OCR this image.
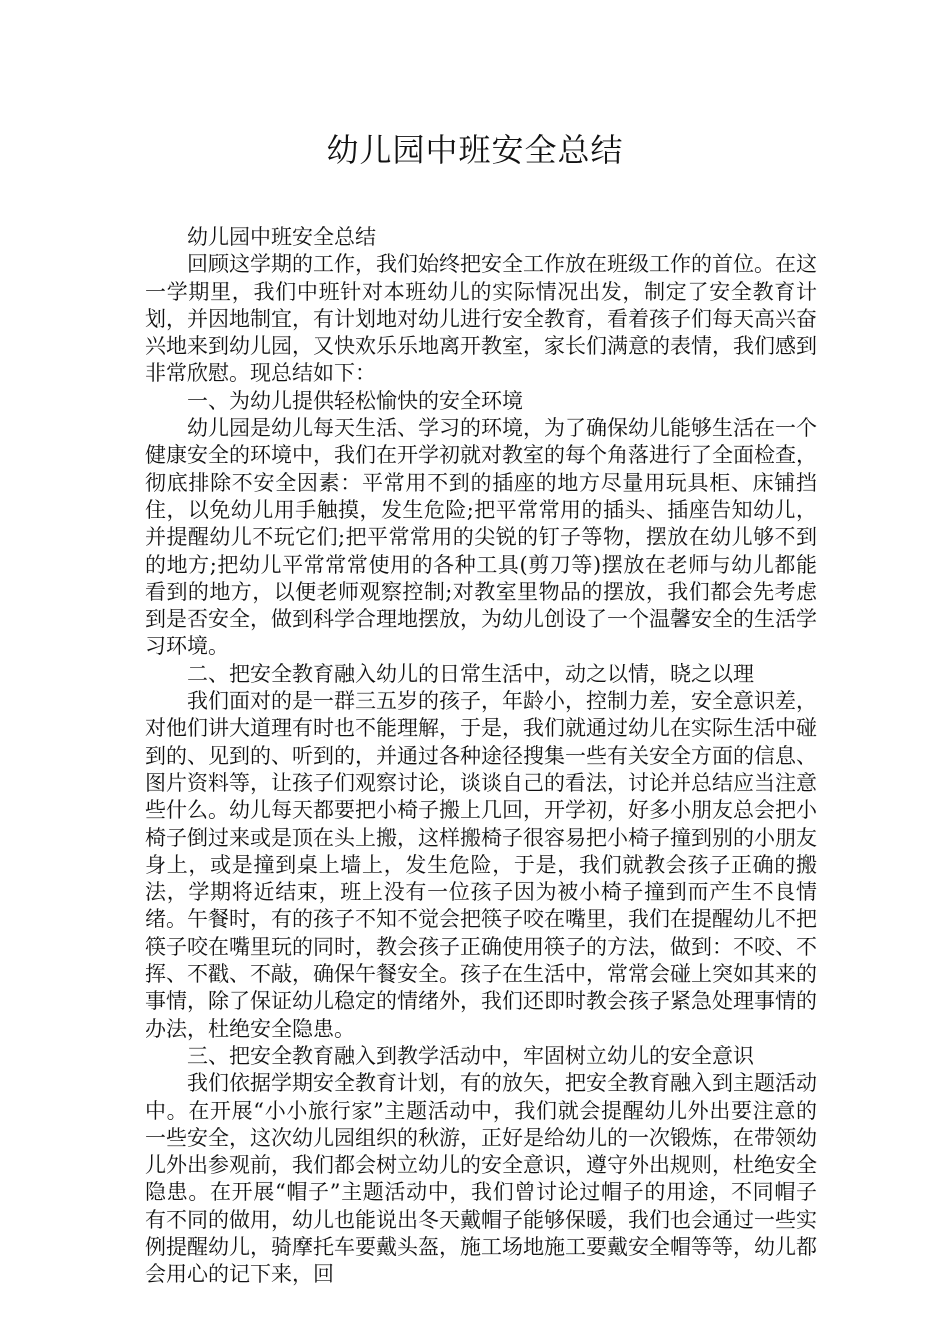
幼儿园中班安全总结

幼儿园中班安全总结

回顾这学期的工作，我们始终把安全工作放在班级工作的首位。在这一学期里，我们中班针对本班幼儿的实际情况出发，制定了安全教育计划，并因地制宜，有计划地对幼儿进行安全教育，看着孩子们每天高兴奋兴地来到幼儿园，又快欢乐乐地离开教室，家长们满意的表情，我们感到非常欣慰。现总结如下：

一、为幼儿提供轻松愉快的安全环境

幼儿园是幼儿每天生活、学习的环境，为了确保幼儿能够生活在一个健康安全的环境中，我们在开学初就对教室的每个角落进行了全面检查，彻底排除不安全因素：平常用不到的插座的地方尽量用玩具柜、床铺挡住，以免幼儿用手触摸，发生危险;把平常常用的插头、插座告知幼儿，并提醒幼儿不玩它们;把平常常用的尖锐的钉子等物，摆放在幼儿够不到的地方;把幼儿平常常常使用的各种工具(剪刀等)摆放在老师与幼儿都能看到的地方，以便老师观察控制;对教室里物品的摆放，我们都会先考虑到是否安全，做到科学合理地摆放，为幼儿创设了一个温馨安全的生活学习环境。

二、把安全教育融入幼儿的日常生活中，动之以情，晓之以理

我们面对的是一群三五岁的孩子，年龄小，控制力差，安全意识差，对他们讲大道理有时也不能理解，于是，我们就通过幼儿在实际生活中碰到的、见到的、听到的，并通过各种途径搜集一些有关安全方面的信息、图片资料等，让孩子们观察讨论，谈谈自己的看法，讨论并总结应当注意些什么。幼儿每天都要把小椅子搬上几回，开学初，好多小朋友总会把小椅子倒过来或是顶在头上搬，这样搬椅子很容易把小椅子撞到别的小朋友身上，或是撞到桌上墙上，发生危险，于是，我们就教会孩子正确的搬法，学期将近结束，班上没有一位孩子因为被小椅子撞到而产生不良情绪。午餐时，有的孩子不知不觉会把筷子咬在嘴里，我们在提醒幼儿不把筷子咬在嘴里玩的同时，教会孩子正确使用筷子的方法，做到：不咬、不挥、不戳、不敲，确保午餐安全。孩子在生活中，常常会碰上突如其来的事情，除了保证幼儿稳定的情绪外，我们还即时教会孩子紧急处理事情的办法，杜绝安全隐患。

三、把安全教育融入到教学活动中，牢固树立幼儿的安全意识

我们依据学期安全教育计划，有的放矢，把安全教育融入到主题活动中。在开展“小小旅行家”主题活动中，我们就会提醒幼儿外出要注意的一些安全，这次幼儿园组织的秋游，正好是给幼儿的一次锻炼，在带领幼儿外出参观前，我们都会树立幼儿的安全意识，遵守外出规则，杜绝安全隐患。在开展“帽子”主题活动中，我们曾讨论过帽子的用途，不同帽子有不同的做用，幼儿也能说出冬天戴帽子能够保暖，我们也会通过一些实例提醒幼儿，骑摩托车要戴头盔，施工场地施工要戴安全帽等等，幼儿都会用心的记下来，回
